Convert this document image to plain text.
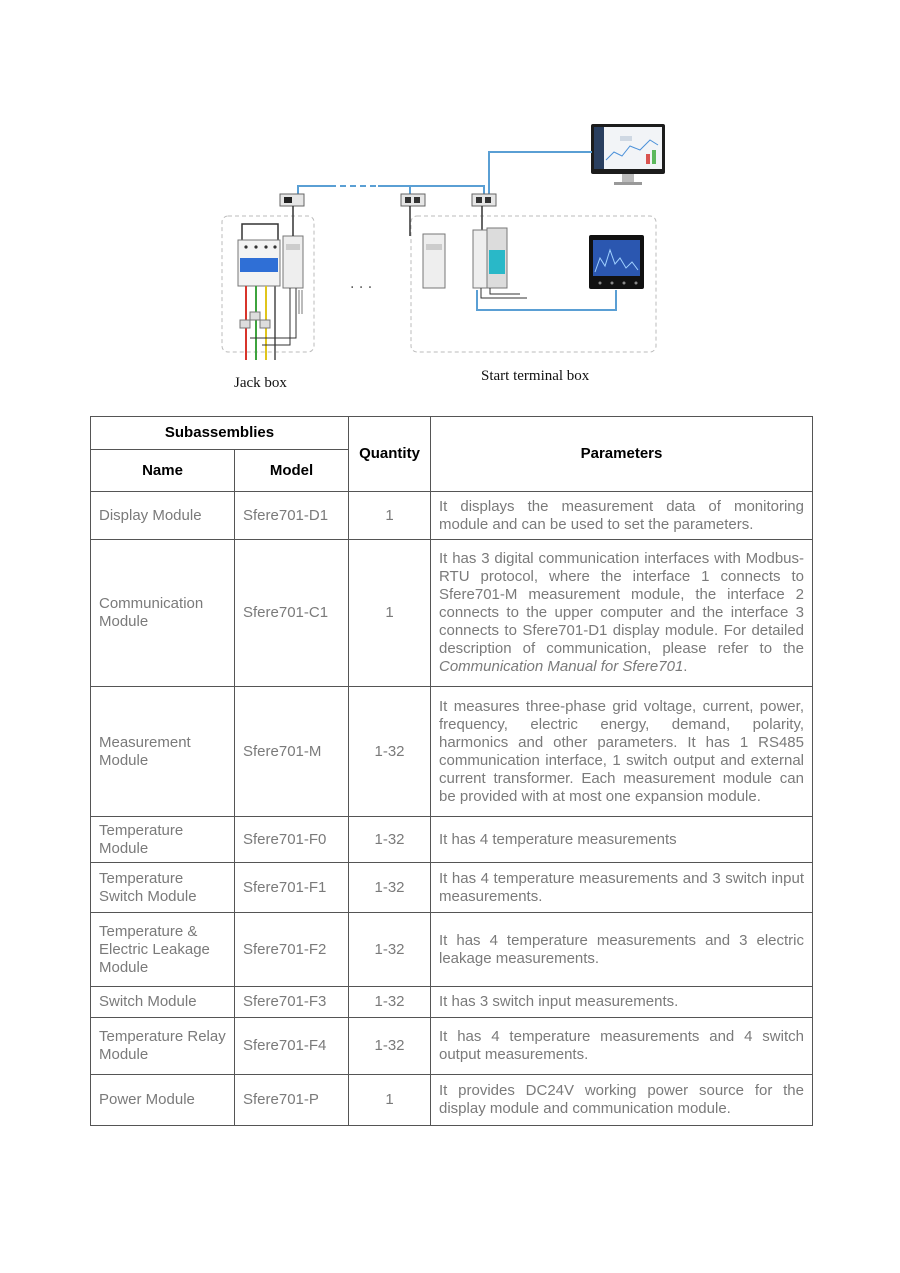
· · ·
Jack box	Start terminal box
Subassemblies		Quantity	Parameters
Name	Model		
Display Module	Sfere701-D1	1	It displays the measurement data of monitoring module and can be used to set the parameters.
Communication Module	Sfere701-C1	1	It has 3 digital communication interfaces with Modbus-RTU protocol, where the interface 1 connects to Sfere701-M measurement module, the interface 2 connects to the upper computer and the interface 3 connects to Sfere701-D1 display module. For detailed description of communication, please refer to the Communication Manual for Sfere701.
Measurement Module	Sfere701-M	1-32	It measures three-phase grid voltage, current, power, frequency, electric energy, demand, polarity, harmonics and other parameters. It has 1 RS485 communication interface, 1 switch output and external current transformer. Each measurement module can be provided with at most one expansion module.
Temperature Module	Sfere701-F0	1-32	It has 4 temperature measurements
Temperature Switch Module	Sfere701-F1	1-32	It has 4 temperature measurements and 3 switch input measurements.
Temperature & Electric Leakage Module	Sfere701-F2	1-32	It has 4 temperature measurements and 3 electric leakage measurements.
Switch Module	Sfere701-F3	1-32	It has 3 switch input measurements.
Temperature Relay Module	Sfere701-F4	1-32	It has 4 temperature measurements and 4 switch output measurements.
Power Module	Sfere701-P	1	It provides DC24V working power source for the display module and communication module.
